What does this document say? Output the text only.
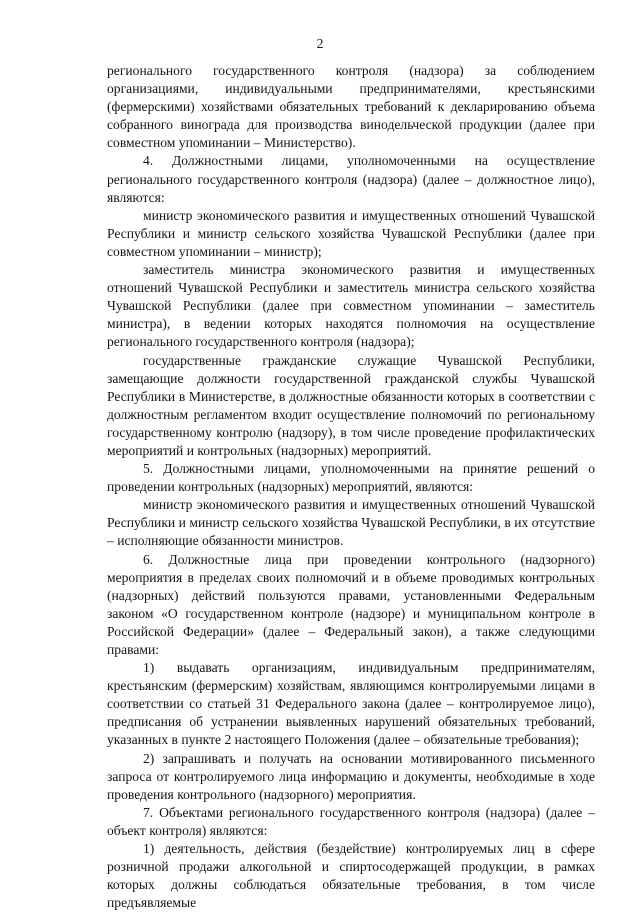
2

регионального государственного контроля (надзора) за соблюдением организациями, индивидуальными предпринимателями, крестьянскими (фермерскими) хозяйствами обязательных требований к декларированию объема собранного винограда для производства винодельческой продукции (далее при совместном упоминании – Министерство).

4. Должностными лицами, уполномоченными на осуществление регионального государственного контроля (надзора) (далее – должностное лицо), являются:

министр экономического развития и имущественных отношений Чувашской Республики и министр сельского хозяйства Чувашской Республики (далее при совместном упоминании – министр);

заместитель министра экономического развития и имущественных отношений Чувашской Республики и заместитель министра сельского хозяйства Чувашской Республики (далее при совместном упоминании – заместитель министра), в ведении которых находятся полномочия на осуществление регионального государственного контроля (надзора);

государственные гражданские служащие Чувашской Республики, замещающие должности государственной гражданской службы Чувашской Республики в Министерстве, в должностные обязанности которых в соответствии с должностным регламентом входит осуществление полномочий по региональному государственному контролю (надзору), в том числе проведение профилактических мероприятий и контрольных (надзорных) мероприятий.

5. Должностными лицами, уполномоченными на принятие решений о проведении контрольных (надзорных) мероприятий, являются:

министр экономического развития и имущественных отношений Чувашской Республики и министр сельского хозяйства Чувашской Республики, в их отсутствие – исполняющие обязанности министров.

6. Должностные лица при проведении контрольного (надзорного) мероприятия в пределах своих полномочий и в объеме проводимых контрольных (надзорных) действий пользуются правами, установленными Федеральным законом «О государственном контроле (надзоре) и муниципальном контроле в Российской Федерации» (далее – Федеральный закон), а также следующими правами:

1) выдавать организациям, индивидуальным предпринимателям, крестьянским (фермерским) хозяйствам, являющимся контролируемыми лицами в соответствии со статьей 31 Федерального закона (далее – контролируемое лицо), предписания об устранении выявленных нарушений обязательных требований, указанных в пункте 2 настоящего Положения (далее – обязательные требования);

2) запрашивать и получать на основании мотивированного письменного запроса от контролируемого лица информацию и документы, необходимые в ходе проведения контрольного (надзорного) мероприятия.

7. Объектами регионального государственного контроля (надзора) (далее – объект контроля) являются:

1) деятельность, действия (бездействие) контролируемых лиц в сфере розничной продажи алкогольной и спиртосодержащей продукции, в рамках которых должны соблюдаться обязательные требования, в том числе предъявляемые
